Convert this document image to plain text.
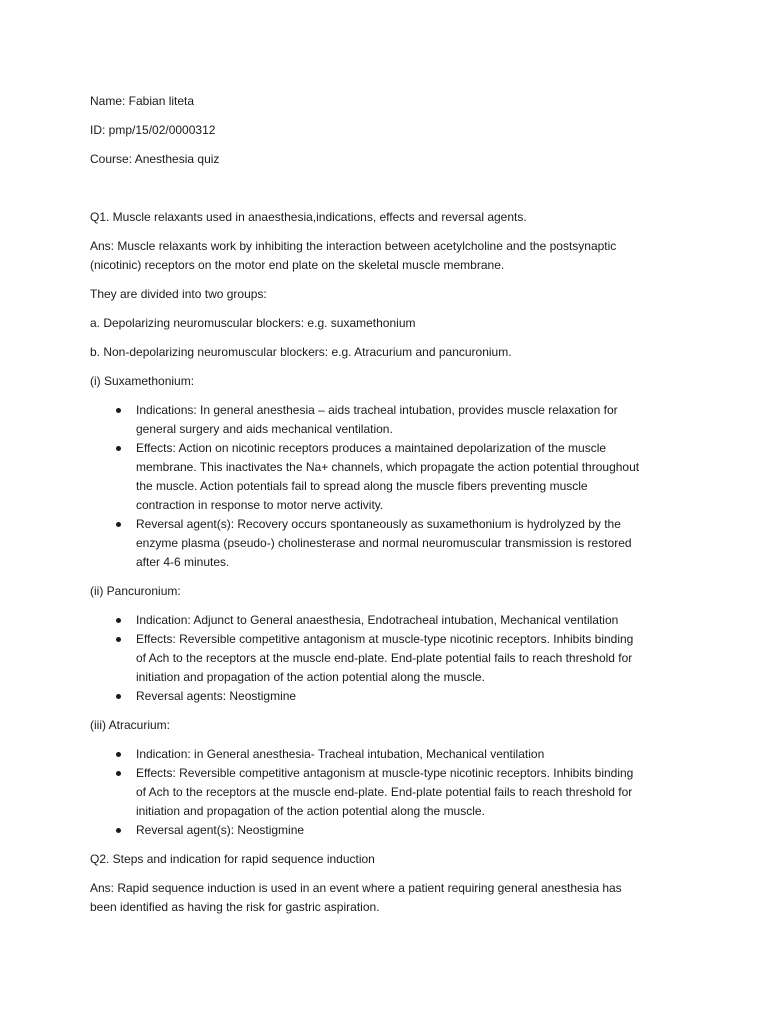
Name: Fabian liteta

ID: pmp/15/02/0000312

Course: Anesthesia quiz

Q1. Muscle relaxants used in anaesthesia,indications, effects and reversal agents.

Ans: Muscle relaxants work by inhibiting the interaction between acetylcholine and the postsynaptic
(nicotinic) receptors on the motor end plate on the skeletal muscle membrane.

They are divided into two groups:

a. Depolarizing neuromuscular blockers: e.g. suxamethonium

b. Non-depolarizing neuromuscular blockers: e.g. Atracurium and pancuronium.

(i) Suxamethonium:

Indications: In general anesthesia – aids tracheal intubation, provides muscle relaxation for
general surgery and aids mechanical ventilation.
Effects: Action on nicotinic receptors produces a maintained depolarization of the muscle
membrane. This inactivates the Na+ channels, which propagate the action potential throughout
the muscle. Action potentials fail to spread along the muscle fibers preventing muscle
contraction in response to motor nerve activity.
Reversal agent(s): Recovery occurs spontaneously as suxamethonium is hydrolyzed by the
enzyme plasma (pseudo-) cholinesterase and normal neuromuscular transmission is restored
after 4-6 minutes.

(ii) Pancuronium:

Indication: Adjunct to General anaesthesia, Endotracheal intubation, Mechanical ventilation
Effects: Reversible competitive antagonism at muscle-type nicotinic receptors. Inhibits binding
of Ach to the receptors at the muscle end-plate. End-plate potential fails to reach threshold for
initiation and propagation of the action potential along the muscle.
Reversal agents: Neostigmine

(iii) Atracurium:

Indication: in General anesthesia- Tracheal intubation, Mechanical ventilation
Effects: Reversible competitive antagonism at muscle-type nicotinic receptors. Inhibits binding
of Ach to the receptors at the muscle end-plate. End-plate potential fails to reach threshold for
initiation and propagation of the action potential along the muscle.
Reversal agent(s): Neostigmine

Q2. Steps and indication for rapid sequence induction

Ans: Rapid sequence induction is used in an event where a patient requiring general anesthesia has
been identified as having the risk for gastric aspiration.
